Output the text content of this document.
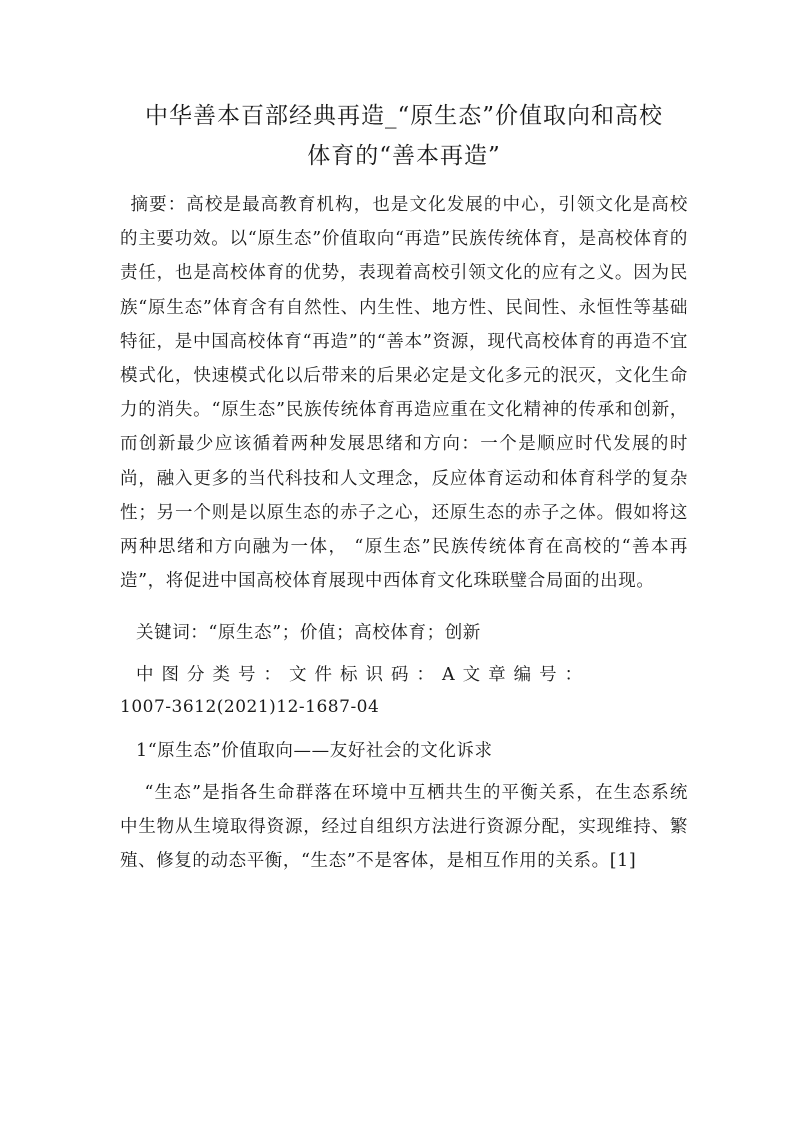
中华善本百部经典再造_“原生态”价值取向和高校
体育的“善本再造”

摘要：高校是最高教育机构，也是文化发展的中心，引领文化是高校的主要功效。以“原生态”价值取向“再造”民族传统体育，是高校体育的责任，也是高校体育的优势，表现着高校引领文化的应有之义。因为民族“原生态”体育含有自然性、内生性、地方性、民间性、永恒性等基础特征，是中国高校体育“再造”的“善本”资源，现代高校体育的再造不宜模式化，快速模式化以后带来的后果必定是文化多元的泯灭，文化生命力的消失。“原生态”民族传统体育再造应重在文化精神的传承和创新，而创新最少应该循着两种发展思绪和方向：一个是顺应时代发展的时尚，融入更多的当代科技和人文理念，反应体育运动和体育科学的复杂性；另一个则是以原生态的赤子之心，还原生态的赤子之体。假如将这两种思绪和方向融为一体， “原生态”民族传统体育在高校的“善本再造”，将促进中国高校体育展现中西体育文化珠联璧合局面的出现。

关键词：“原生态”；价值；高校体育；创新
中图分类号：文件标识码：A文章编号：
1007-3612(2021)12-1687-04
1“原生态”价值取向——友好社会的文化诉求

“生态”是指各生命群落在环境中互栖共生的平衡关系，在生态系统中生物从生境取得资源，经过自组织方法进行资源分配，实现维持、繁殖、修复的动态平衡，“生态”不是客体，是相互作用的关系。[1]
